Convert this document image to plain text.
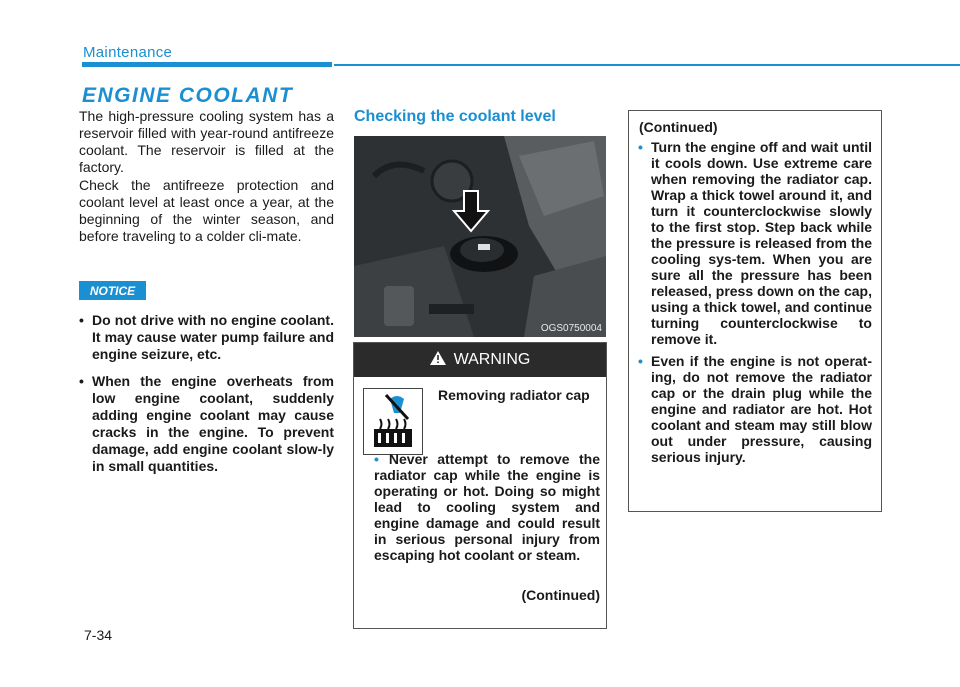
Maintenance
ENGINE COOLANT
The high-pressure cooling system has a reservoir filled with year-round antifreeze coolant. The reservoir is filled at the factory.
Check the antifreeze protection and coolant level at least once a year, at the beginning of the winter season, and before traveling to a colder cli-mate.
NOTICE
• Do not drive with no engine coolant. It may cause water pump failure and engine seizure, etc.
• When the engine overheats from low engine coolant, suddenly adding engine coolant may cause cracks in the engine. To prevent damage, add engine coolant slow-ly in small quantities.
Checking the coolant level
OGS0750004
WARNING
Removing radiator cap
• Never attempt to remove the radiator cap while the engine is operating or hot. Doing so might lead to cooling system and engine damage and could result in serious personal injury from escaping hot coolant or steam.
(Continued)
(Continued)
• Turn the engine off and wait until it cools down. Use extreme care when removing the radiator cap. Wrap a thick towel around it, and turn it counterclockwise slowly to the first stop. Step back while the pressure is released from the cooling sys-tem. When you are sure all the pressure has been released, press down on the cap, using a thick towel, and continue turning counterclockwise to remove it.
• Even if the engine is not operat-ing, do not remove the radiator cap or the drain plug while the engine and radiator are hot. Hot coolant and steam may still blow out under pressure, causing serious injury.
7-34
